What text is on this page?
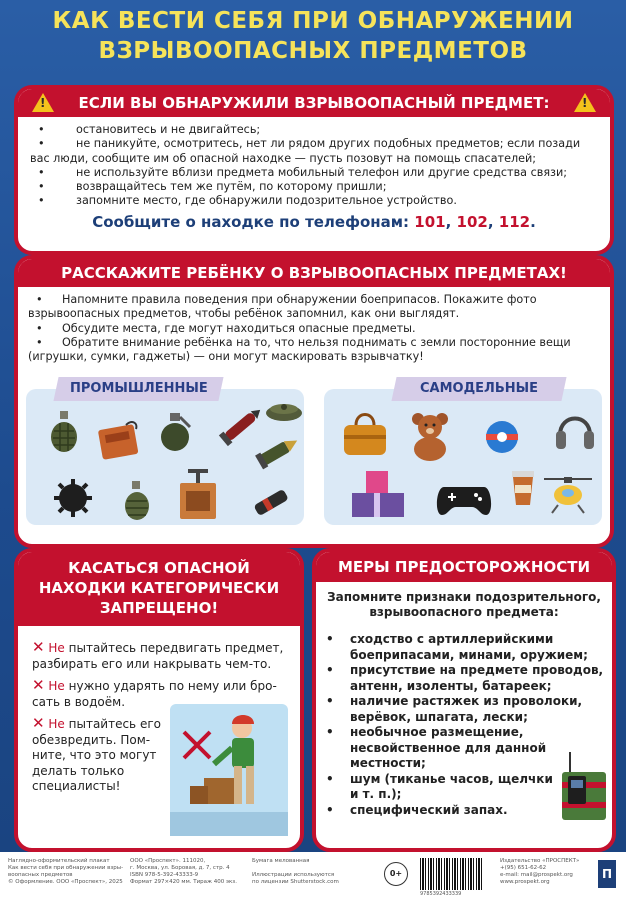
КАК ВЕСТИ СЕБЯ ПРИ ОБНАРУЖЕНИИ
ВЗРЫВООПАСНЫХ ПРЕДМЕТОВ
ЕСЛИ ВЫ ОБНАРУЖИЛИ ВЗРЫВООПАСНЫЙ ПРЕДМЕТ:
!	!
•	остановитесь и не двигайтесь;
•	не паникуйте, осмотритесь, нет ли рядом других подобных предметов; если позади вас люди, сообщите им об опасной находке — пусть позовут на помощь спасателей;
•	не используйте вблизи предмета мобильный телефон или другие средства связи;
•	возвращайтесь тем же путём, по которому пришли;
•	запомните место, где обнаружили подозрительное устройство.
Сообщите о находке по телефонам: 101, 102, 112.
РАССКАЖИТЕ РЕБЁНКУ О ВЗРЫВООПАСНЫХ ПРЕДМЕТАХ!
• Напомните правила поведения при обнаружении боеприпасов. Покажите фото взрывоопасных предметов, чтобы ребёнок запомнил, как они выглядят.
• Обсудите места, где могут находиться опасные предметы.
• Обратите внимание ребёнка на то, что нельзя поднимать с земли посторонние вещи (игрушки, сумки, гаджеты) — они могут маскировать взрывчатку!
ПРОМЫШЛЕННЫЕ	САМОДЕЛЬНЫЕ
КАСАТЬСЯ ОПАСНОЙ
НАХОДКИ КАТЕГОРИЧЕСКИ
ЗАПРЕЩЕНО!
✕ Не пытайтесь передвигать предмет,
разбирать его или накрывать чем-то.
✕ Не нужно ударять по нему или бро-
сать в водоём.
✕ Не пытайтесь его
обезвредить. Пом-
ните, что это могут
делать только
специалисты!
МЕРЫ ПРЕДОСТОРОЖНОСТИ
Запомните признаки подозрительного,
взрывоопасного предмета:
• сходство с артиллерийскими боеприпасами, минами, оружием;
• присутствие на предмете проводов, антенн, изоленты, батареек;
• наличие растяжек из проволоки, верёвок, шпагата, лески;
• необычное размещение, несвойственное для данной местности;
• шум (тиканье часов, щелчки и т. п.);
• специфический запах.
Наглядно-оформительский плакат
Как вести себя при обнаружении взры-
воопасных предметов
© Оформление. ООО «Проспект», 2025
ООО «Проспект». 111020,
г. Москва, ул. Боровая, д. 7, стр. 4
ISBN 978-5-392-43333-9
Формат 297×420 мм. Тираж 400 экз.
Бумага мелованная
Иллюстрации используются
по лицензии Shutterstock.com
0+
9785392433339
Издательство «ПРОСПЕКТ»
+(95) 651-62-62
e-mail: mail@prospekt.org
www.prospekt.org
П
